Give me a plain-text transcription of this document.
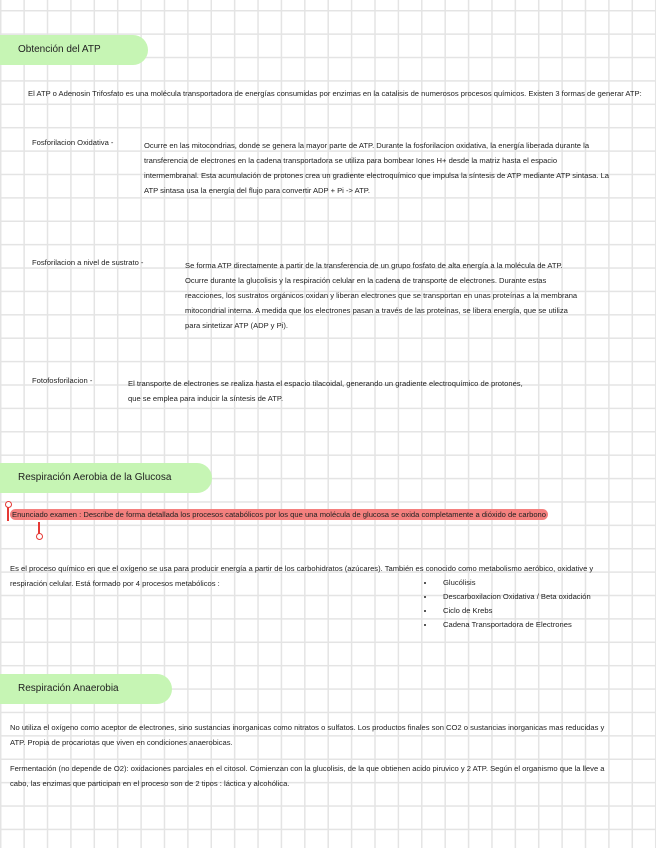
Obtención del ATP
El ATP o Adenosin Trifosfato es una molécula transportadora de energías consumidas por enzimas en la catalisis de numerosos procesos químicos. Existen 3 formas de generar ATP:
Fosforilacion Oxidativa -	Ocurre en las mitocondrias, donde se genera la mayor parte de ATP. Durante la fosforilacion oxidativa, la energía liberada durante la transferencia de electrones en la cadena transportadora se utiliza para bombear Iones H+ desde la matriz hasta el espacio intermembranal. Esta acumulación de protones crea un gradiente electroquímico que impulsa la síntesis de ATP mediante ATP sintasa. La ATP sintasa usa la energía del flujo para convertir ADP + Pi -> ATP.
Fosforilacion a nivel de sustrato -	Se forma ATP directamente a partir de la transferencia de un grupo fosfato de alta energía a la molécula de ATP. Ocurre durante la glucolisis y la respiración celular en la cadena de transporte de electrones. Durante estas reacciones, los sustratos orgánicos oxidan y liberan electrones que se transportan en unas proteínas a la membrana mitocondrial interna. A medida que los electrones pasan a través de las proteínas, se libera energía, que se utiliza para sintetizar ATP (ADP y Pi).
Fotofosforilacion -	El transporte de electrones se realiza hasta el espacio tilacoidal, generando un gradiente electroquímico de protones, que se emplea para inducir la síntesis de ATP.
Respiración Aerobia de la Glucosa
Enunciado examen : Describe de forma detallada los procesos catabólicos por los que una molécula de glucosa se oxida completamente a dióxido de carbono
Es el proceso químico en que el oxígeno se usa para producir energía a partir de los carbohidratos (azúcares). También es conocido como metabolismo aeróbico, oxidative y respiración celular. Está formado por 4 procesos metabólicos :	• Glucólisis
• Descarboxilacion Oxidativa / Beta oxidación
• Ciclo de Krebs
• Cadena Transportadora de Electrones
Respiración Anaerobia
No utiliza el oxígeno como aceptor de electrones, sino sustancias inorganicas como nitratos o sulfatos. Los productos finales son CO2 o sustancias inorganicas mas reducidas y ATP. Propia de procariotas que viven en condiciones anaerobicas.
Fermentación (no depende de O2): oxidaciones parciales en el citosol. Comienzan con la glucolisis, de la que obtienen acido piruvico y 2 ATP. Según el organismo que la lleve a cabo, las enzimas que participan en el proceso son de 2 tipos : láctica y alcohólica.
